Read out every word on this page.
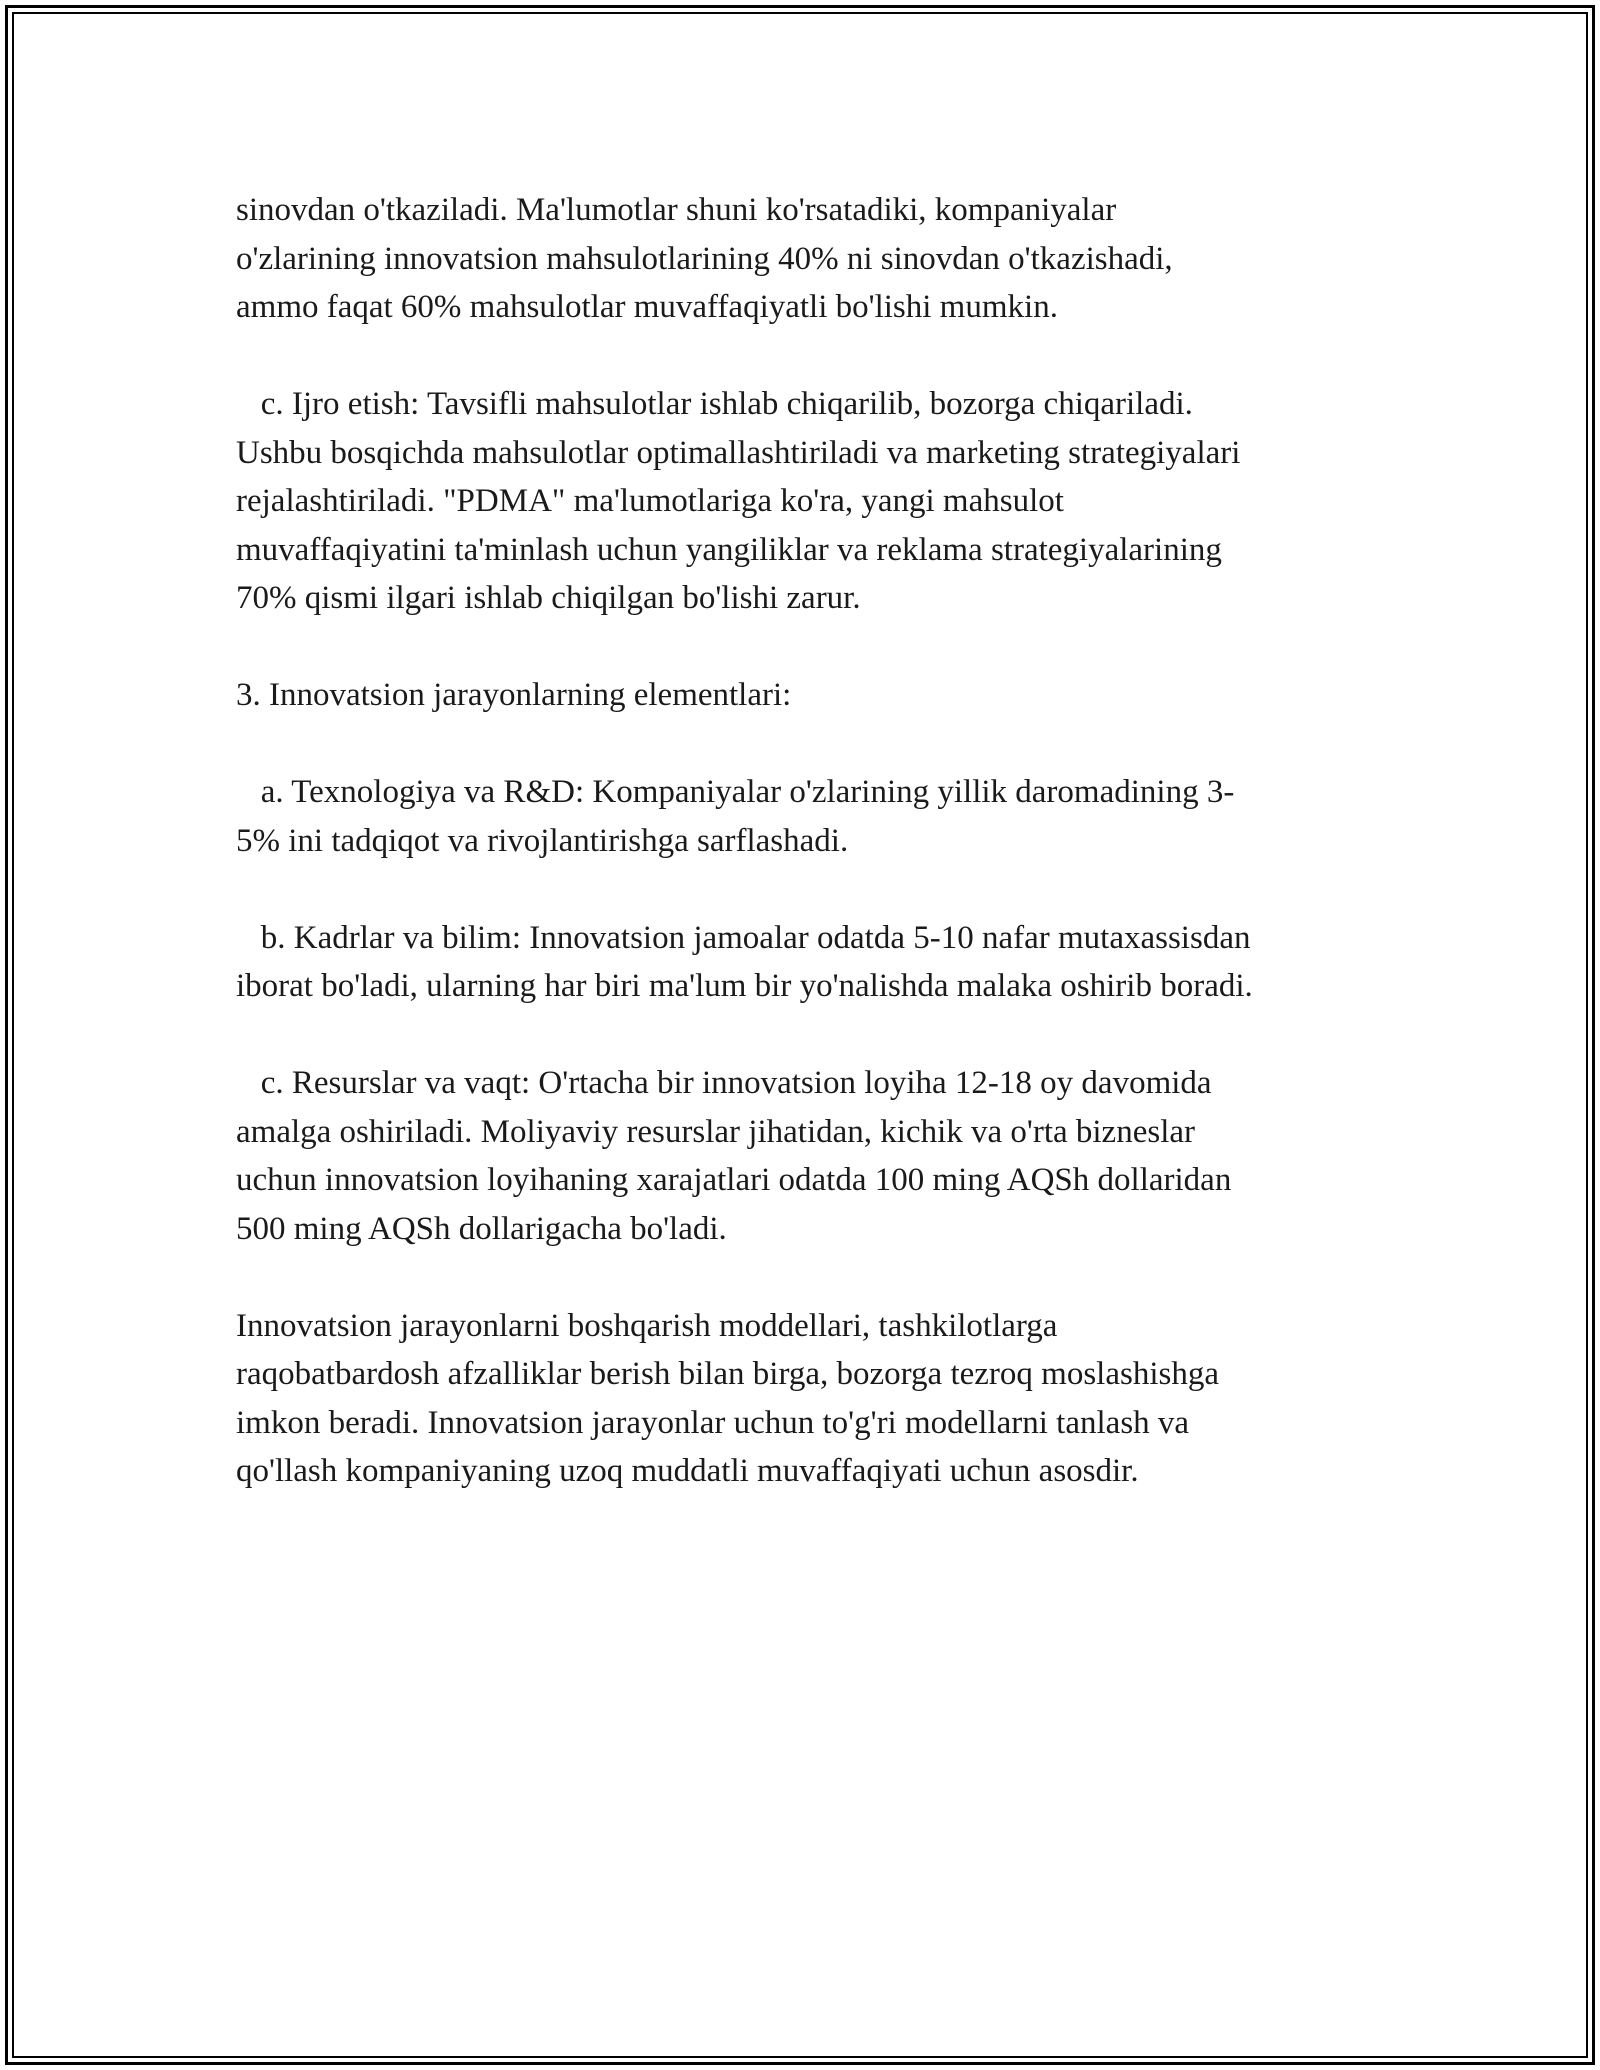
sinovdan o'tkaziladi. Ma'lumotlar shuni ko'rsatadiki, kompaniyalar
o'zlarining innovatsion mahsulotlarining 40% ni sinovdan o'tkazishadi,
ammo faqat 60% mahsulotlar muvaffaqiyatli bo'lishi mumkin.

c. Ijro etish: Tavsifli mahsulotlar ishlab chiqarilib, bozorga chiqariladi.
Ushbu bosqichda mahsulotlar optimallashtiriladi va marketing strategiyalari
rejalashtiriladi. "PDMA" ma'lumotlariga ko'ra, yangi mahsulot
muvaffaqiyatini ta'minlash uchun yangiliklar va reklama strategiyalarining
70% qismi ilgari ishlab chiqilgan bo'lishi zarur.

3. Innovatsion jarayonlarning elementlari:

a. Texnologiya va R&D: Kompaniyalar o'zlarining yillik daromadining 3-
5% ini tadqiqot va rivojlantirishga sarflashadi.

b. Kadrlar va bilim: Innovatsion jamoalar odatda 5-10 nafar mutaxassisdan
iborat bo'ladi, ularning har biri ma'lum bir yo'nalishda malaka oshirib boradi.

c. Resurslar va vaqt: O'rtacha bir innovatsion loyiha 12-18 oy davomida
amalga oshiriladi. Moliyaviy resurslar jihatidan, kichik va o'rta bizneslar
uchun innovatsion loyihaning xarajatlari odatda 100 ming AQSh dollaridan
500 ming AQSh dollarigacha bo'ladi.

Innovatsion jarayonlarni boshqarish moddellari, tashkilotlarga
raqobatbardosh afzalliklar berish bilan birga, bozorga tezroq moslashishga
imkon beradi. Innovatsion jarayonlar uchun to'g'ri modellarni tanlash va
qo'llash kompaniyaning uzoq muddatli muvaffaqiyati uchun asosdir.
